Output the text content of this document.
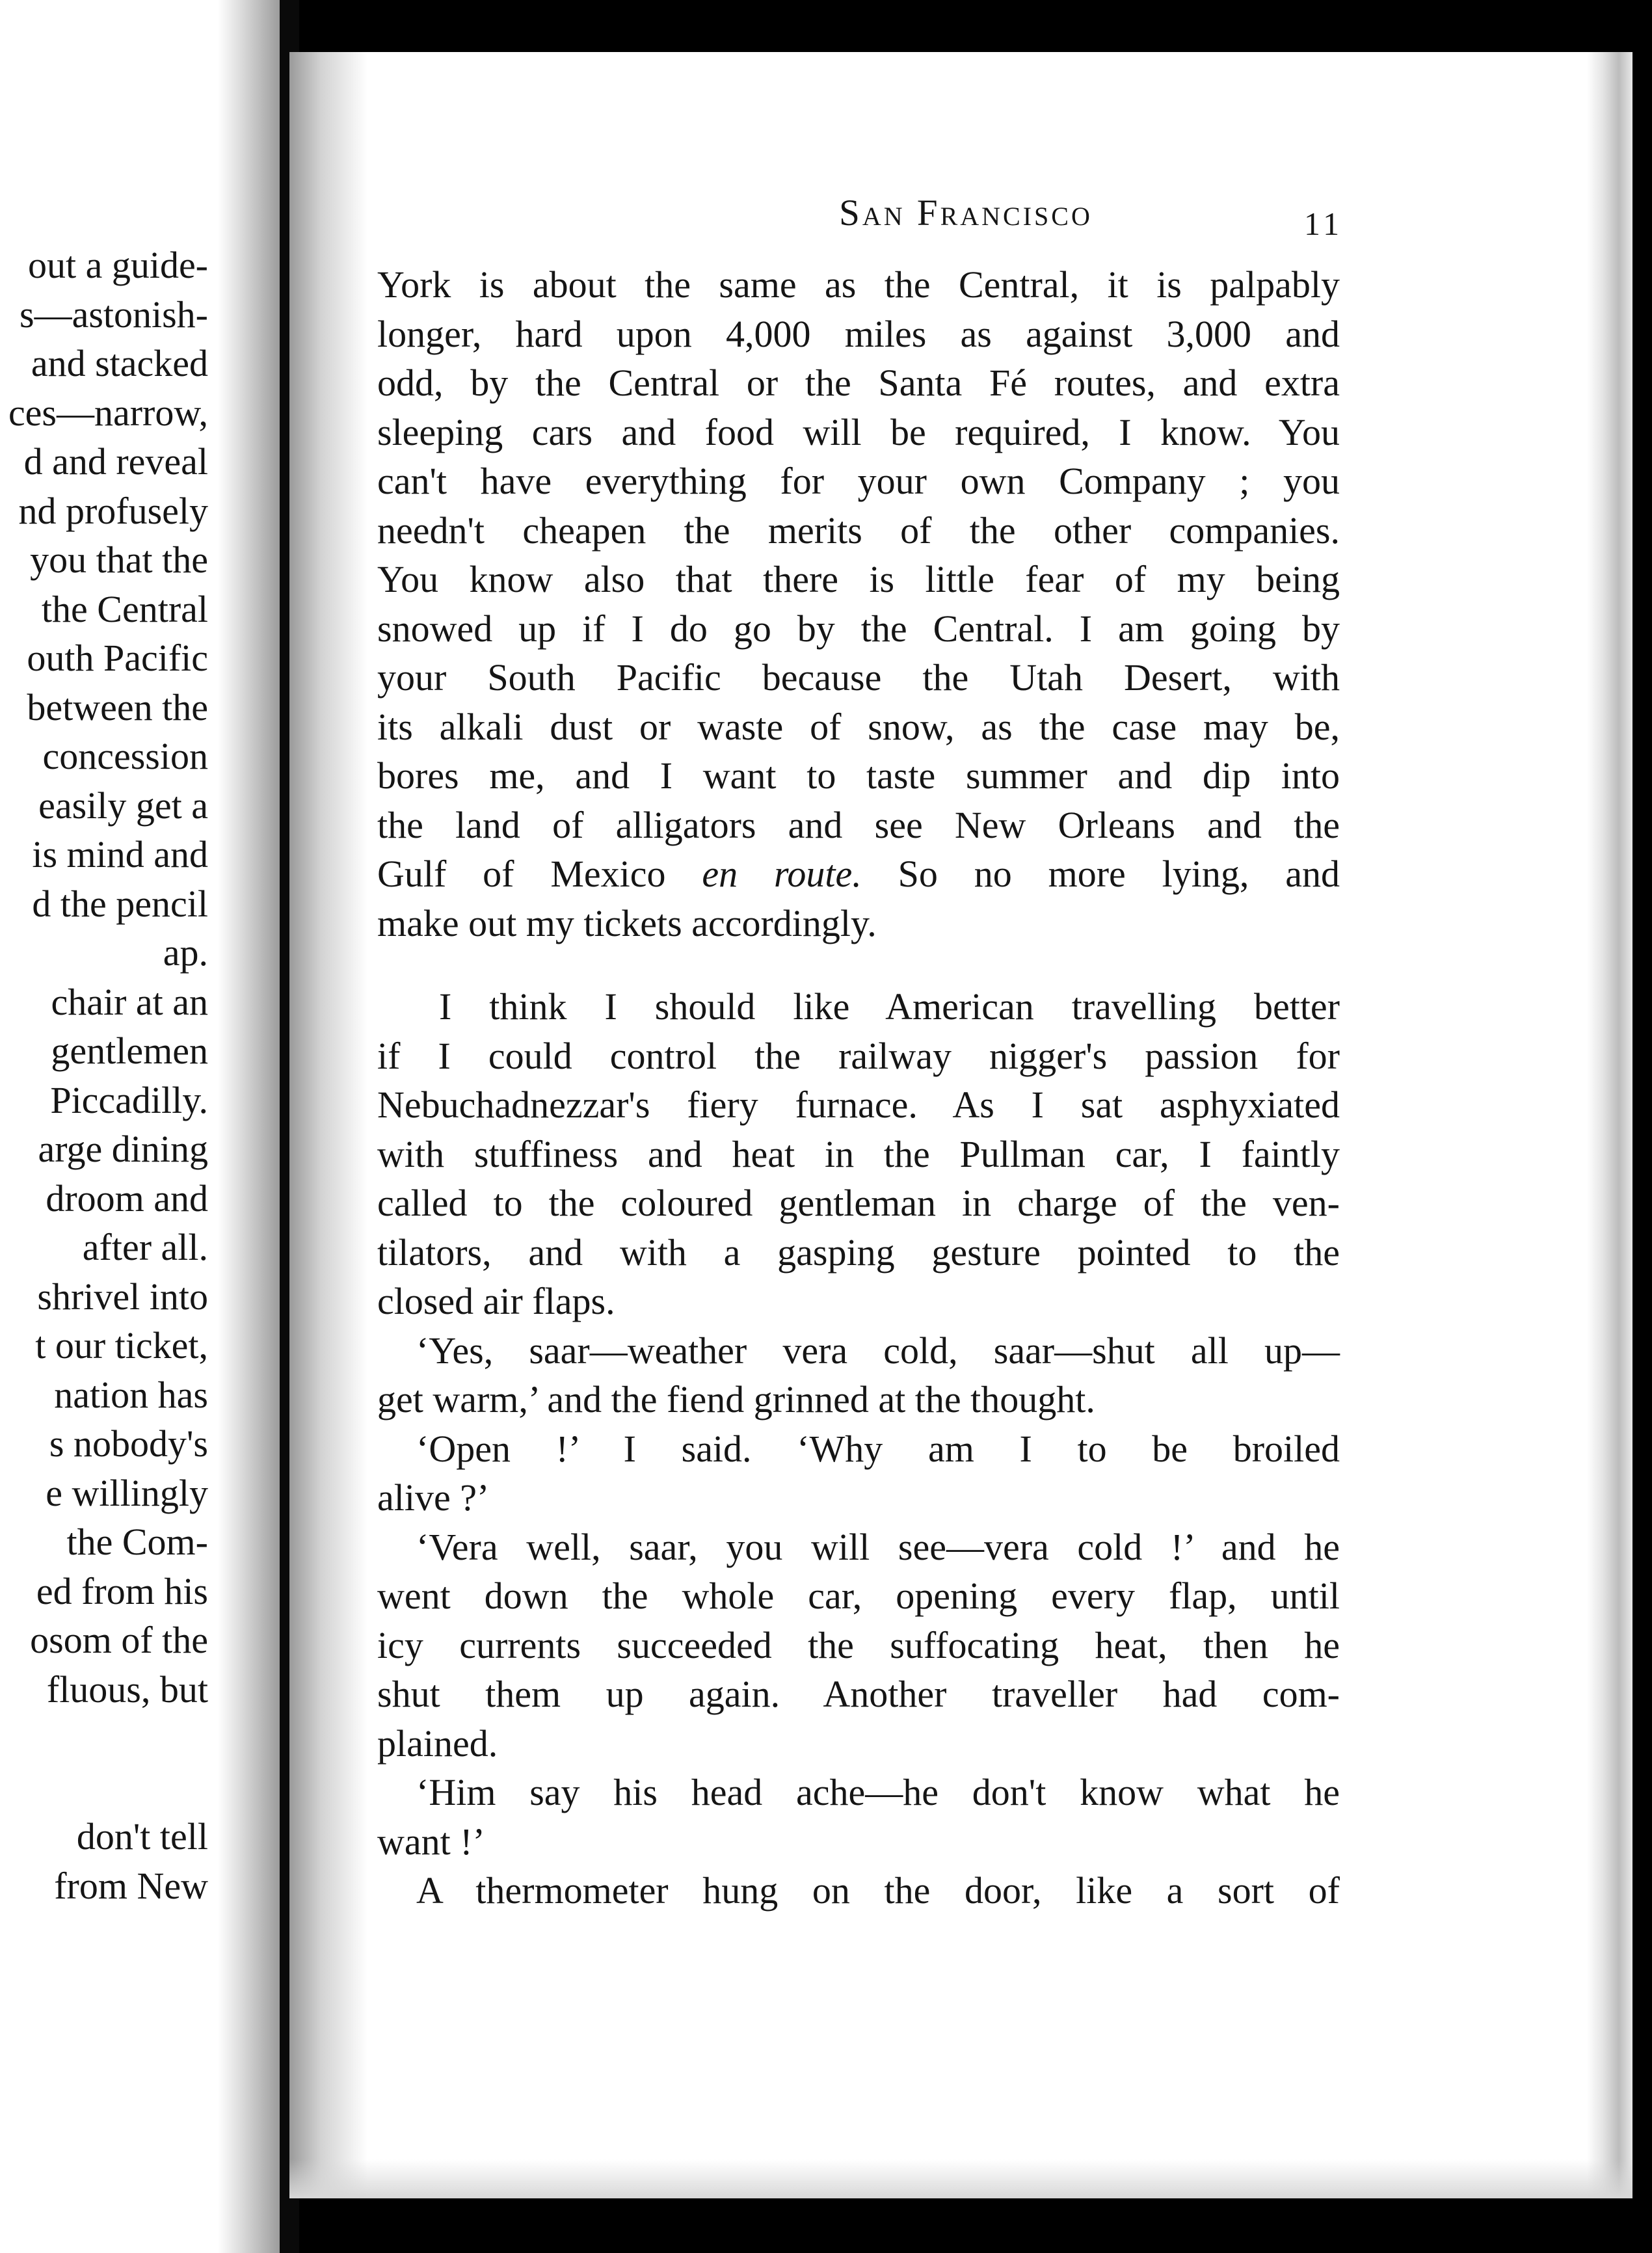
out a guide-
s—astonish-
and stacked
ces—narrow,
d and reveal
nd profusely
you that the
the Central
outh Pacific
between the
concession
easily get a
is mind and
d the pencil
ap.
chair at an
gentlemen
Piccadilly.
arge dining
droom and
after all.
shrivel into
t our ticket,
nation has
s nobody's
e willingly
the Com-
ed from his
osom of the
fluous, but
don't tell
from New
San Francisco	11
York is about the same as the Central, it is palpably
longer, hard upon 4,000 miles as against 3,000 and
odd, by the Central or the Santa Fé routes, and extra
sleeping cars and food will be required, I know. You
can't have everything for your own Company ; you
needn't cheapen the merits of the other companies.
You know also that there is little fear of my being
snowed up if I do go by the Central. I am going by
your South Pacific because the Utah Desert, with
its alkali dust or waste of snow, as the case may be,
bores me, and I want to taste summer and dip into
the land of alligators and see New Orleans and the
Gulf of Mexico en route. So no more lying, and
make out my tickets accordingly.
I think I should like American travelling better
if I could control the railway nigger's passion for
Nebuchadnezzar's fiery furnace. As I sat asphyxiated
with stuffiness and heat in the Pullman car, I faintly
called to the coloured gentleman in charge of the ven-
tilators, and with a gasping gesture pointed to the
closed air flaps.
‘Yes, saar—weather vera cold, saar—shut all up—
get warm,’ and the fiend grinned at the thought.
‘Open !’ I said. ‘Why am I to be broiled
alive ?’
‘Vera well, saar, you will see—vera cold !’ and he
went down the whole car, opening every flap, until
icy currents succeeded the suffocating heat, then he
shut them up again. Another traveller had com-
plained.
‘Him say his head ache—he don't know what he
want !’
A thermometer hung on the door, like a sort of
